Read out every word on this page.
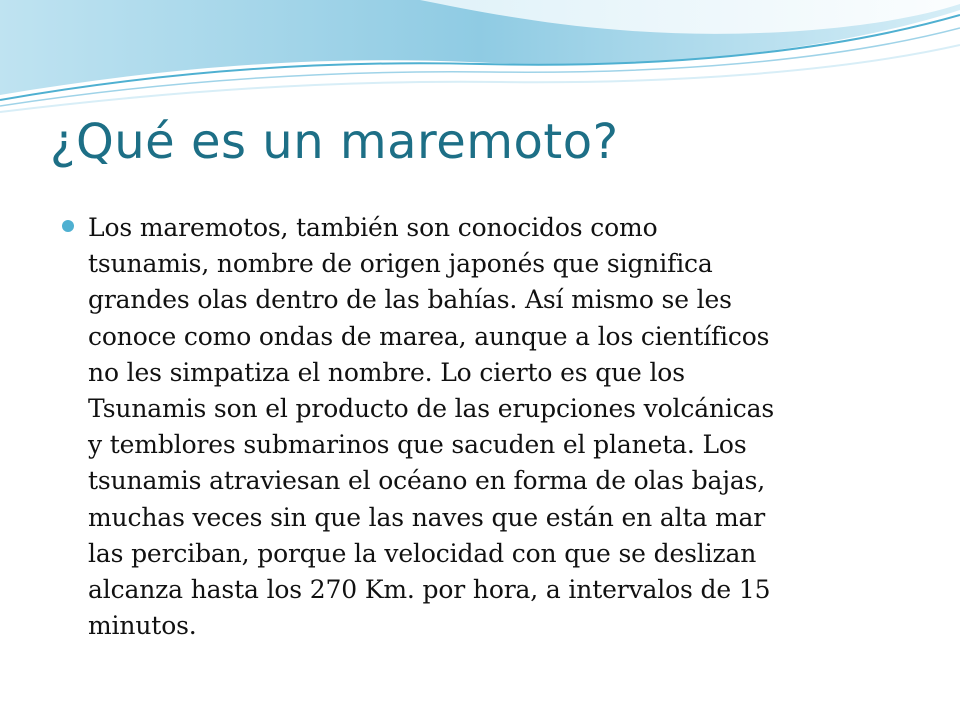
¿Qué es un maremoto?
Los maremotos, también son conocidos como
tsunamis, nombre de origen japonés que significa
grandes olas dentro de las bahías. Así mismo se les
conoce como ondas de marea, aunque a los científicos
no les simpatiza el nombre. Lo cierto es que los
Tsunamis son el producto de las erupciones volcánicas
y temblores submarinos que sacuden el planeta. Los
tsunamis atraviesan el océano en forma de olas bajas,
muchas veces sin que las naves que están en alta mar
las perciban, porque la velocidad con que se deslizan
alcanza hasta los 270 Km. por hora, a intervalos de 15
minutos.
